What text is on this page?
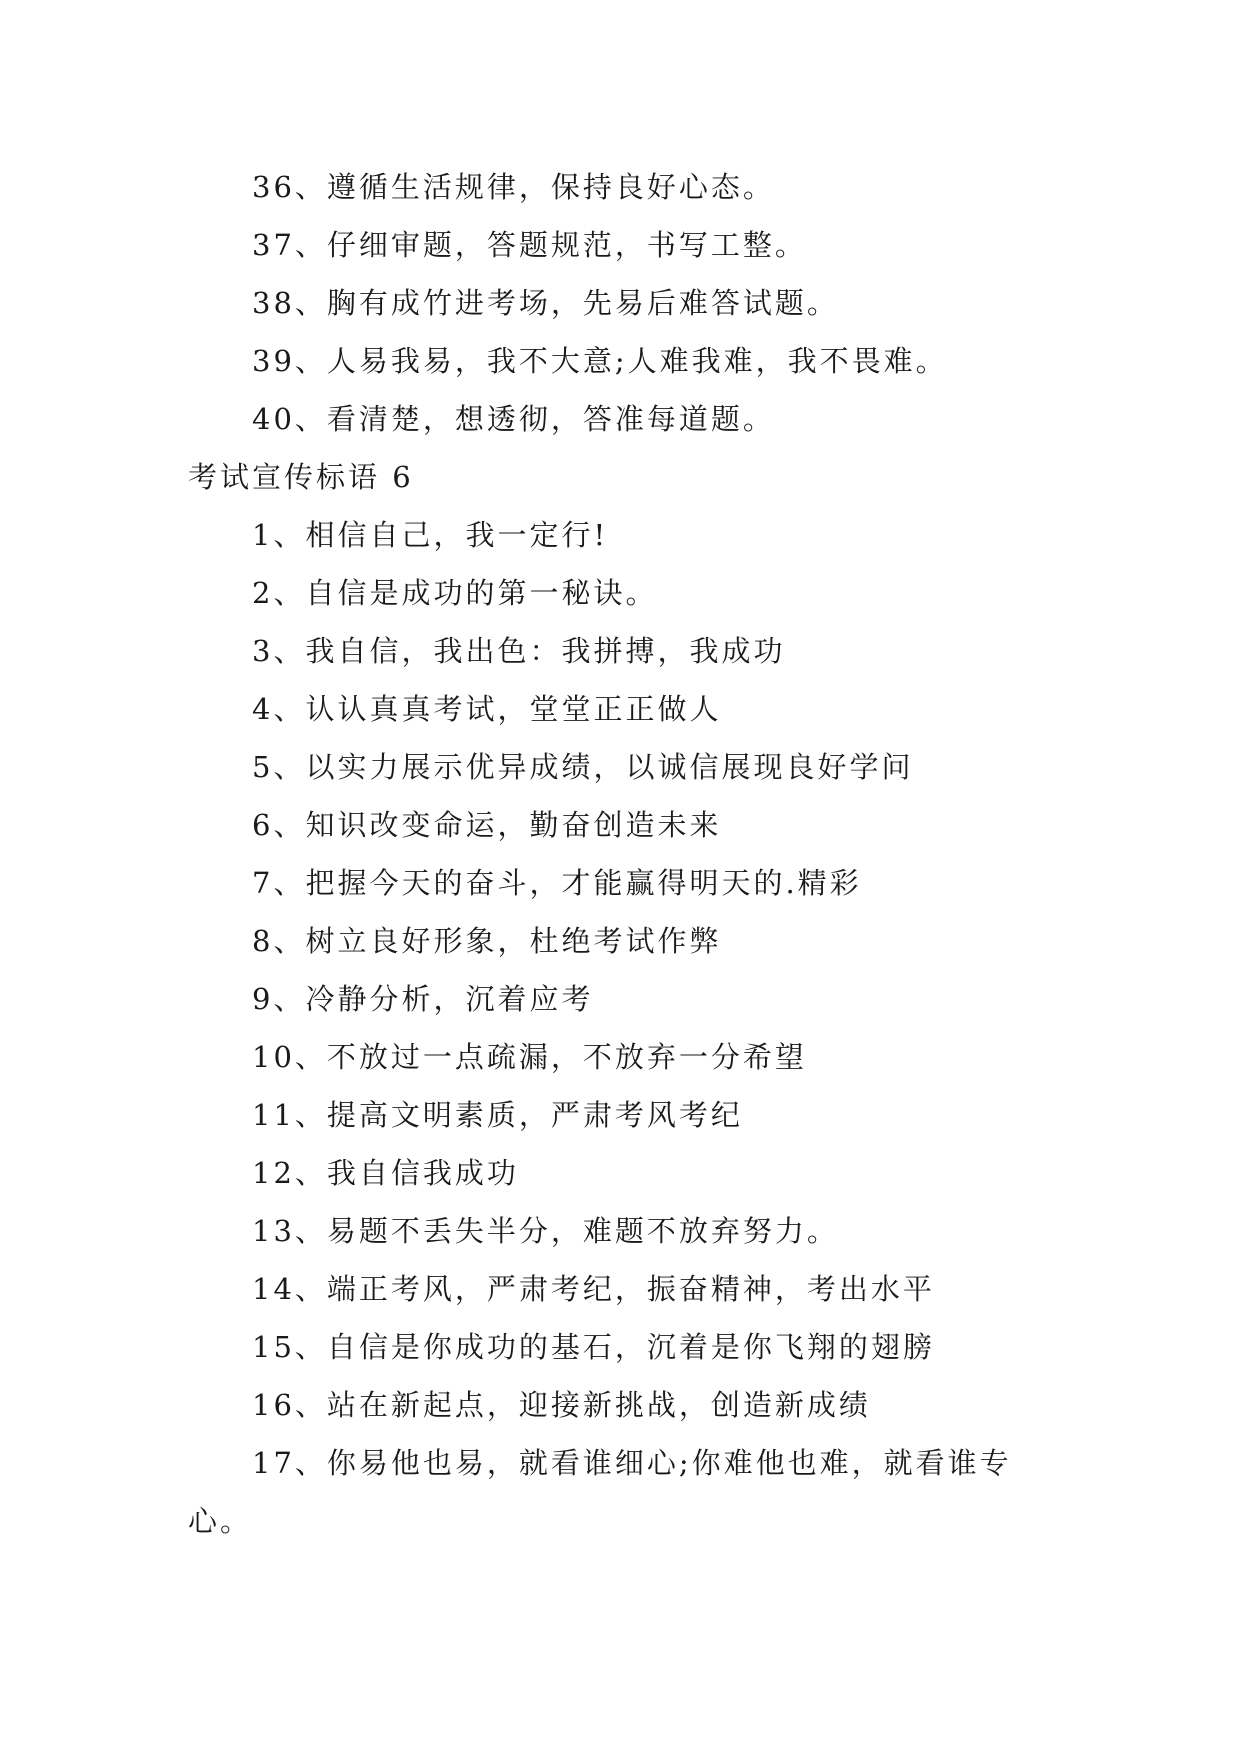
36、遵循生活规律，保持良好心态。
37、仔细审题，答题规范，书写工整。
38、胸有成竹进考场，先易后难答试题。
39、人易我易，我不大意;人难我难，我不畏难。
40、看清楚，想透彻，答准每道题。
考试宣传标语 6
1、相信自己，我一定行!
2、自信是成功的第一秘诀。
3、我自信，我出色：我拼搏，我成功
4、认认真真考试，堂堂正正做人
5、以实力展示优异成绩，以诚信展现良好学问
6、知识改变命运，勤奋创造未来
7、把握今天的奋斗，才能赢得明天的.精彩
8、树立良好形象，杜绝考试作弊
9、冷静分析，沉着应考
10、不放过一点疏漏，不放弃一分希望
11、提高文明素质，严肃考风考纪
12、我自信我成功
13、易题不丢失半分，难题不放弃努力。
14、端正考风，严肃考纪，振奋精神，考出水平
15、自信是你成功的基石，沉着是你飞翔的翅膀
16、站在新起点，迎接新挑战，创造新成绩
17、你易他也易，就看谁细心;你难他也难，就看谁专心。
